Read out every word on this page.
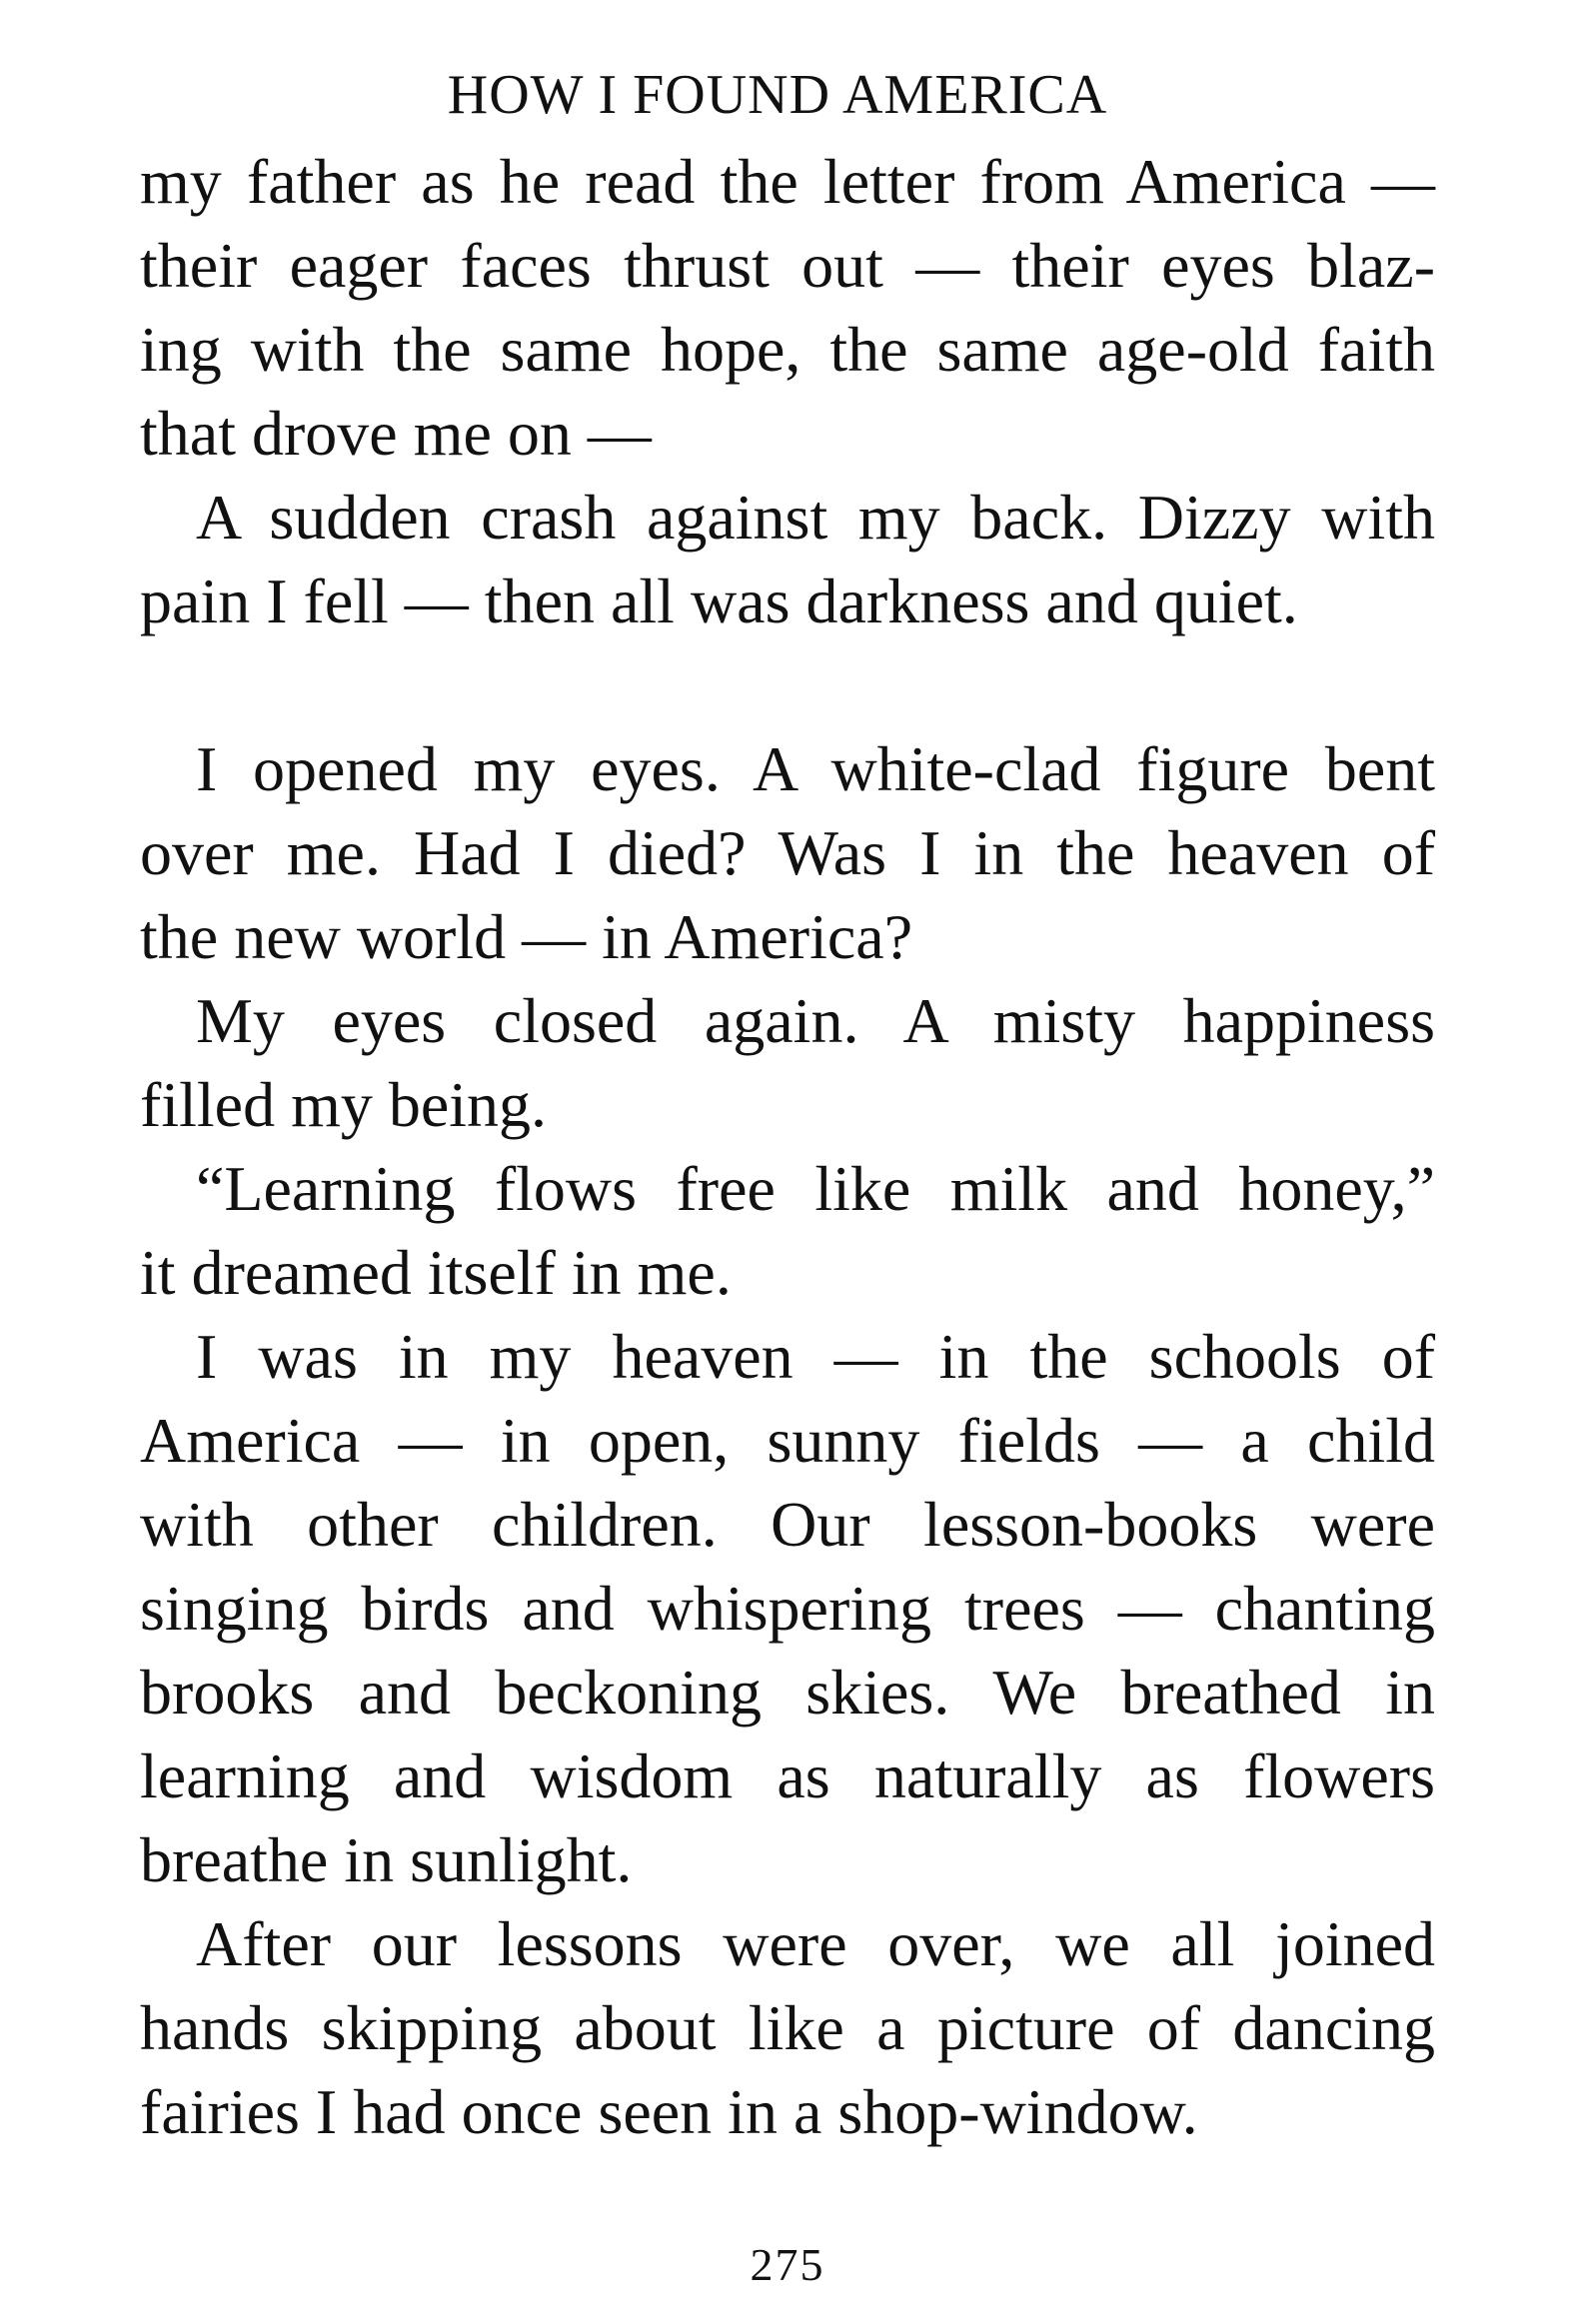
HOW I FOUND AMERICA

my father as he read the letter from America —
their eager faces thrust out — their eyes blaz-
ing with the same hope, the same age-old faith
that drove me on —

A sudden crash against my back. Dizzy with
pain I fell — then all was darkness and quiet.

I opened my eyes. A white-clad figure bent
over me. Had I died? Was I in the heaven of
the new world — in America?

My eyes closed again. A misty happiness
filled my being.

“Learning flows free like milk and honey,”
it dreamed itself in me.

I was in my heaven — in the schools of
America — in open, sunny fields — a child
with other children. Our lesson-books were
singing birds and whispering trees — chanting
brooks and beckoning skies. We breathed in
learning and wisdom as naturally as flowers
breathe in sunlight.

After our lessons were over, we all joined
hands skipping about like a picture of dancing
fairies I had once seen in a shop-window.

275
